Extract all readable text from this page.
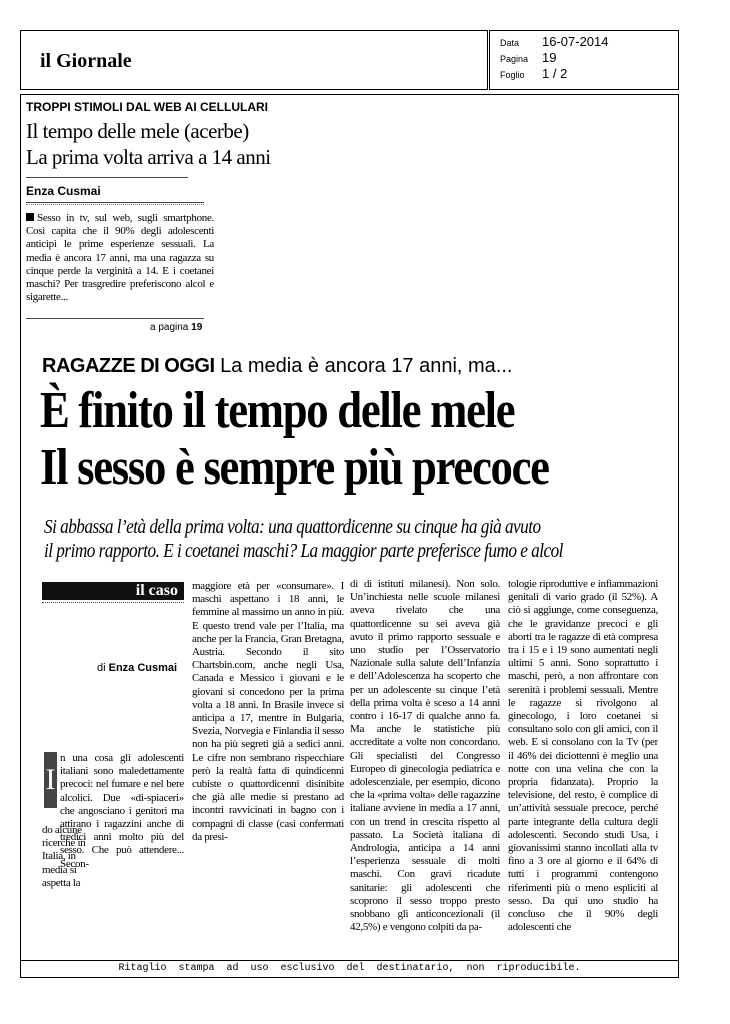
il Giornale
Data 16-07-2014
Pagina 19
Foglio 1 / 2
TROPPI STIMOLI DAL WEB AI CELLULARI
Il tempo delle mele (acerbe)
La prima volta arriva a 14 anni
Enza Cusmai
Sesso in tv, sul web, sugli smartphone. Così capita che il 90% degli adolescenti anticipi le prime esperienze sessuali. La media è ancora 17 anni, ma una ragazza su cinque perde la verginità a 14. E i coetanei maschi? Per trasgredire preferiscono alcol e sigarette...
a pagina 19
RAGAZZE DI OGGI La media è ancora 17 anni, ma...
È finito il tempo delle mele
Il sesso è sempre più precoce
Si abbassa l’età della prima volta: una quattordicenne su cinque ha già avuto
il primo rapporto. E i coetanei maschi? La maggior parte preferisce fumo e alcol
il caso
di Enza Cusmai
I

n una cosa gli adolescenti italiani sono maledettamente precoci: nel fumare e nel bere alcolici. Due «di-spiaceri» che angosciano i genitori ma attirano i ragazzini anche di tredici anni molto più del sesso. Che può attendere... Secon-

do alcune ricerche in Italia, in media si aspetta la

maggiore età per «consumare». I maschi aspettano i 18 anni, le femmine al massimo un anno in più. E questo trend vale per l’Italia, ma anche per la Francia, Gran Bretagna, Austria. Secondo il sito Chartsbin.com, anche negli Usa, Canada e Messico i giovani e le giovani si concedono per la prima volta a 18 anni. In Brasile invece si anticipa a 17, mentre in Bulgaria, Svezia, Norvegia e Finlandia il sesso non ha più segreti già a sedici anni. Le cifre non sembrano rispecchiare però la realtà fatta di quindicenni cubiste o quattordicenni disinibite che già alle medie si prestano ad incontri ravvicinati in bagno con i compagni di classe (casi confermati da presi-

di di istituti milanesi). Non solo. Un’inchiesta nelle scuole milanesi aveva rivelato che una quattordicenne su sei aveva già avuto il primo rapporto sessuale e uno studio per l’Osservatorio Nazionale sulla salute dell’Infanzia e dell’Adolescenza ha scoperto che per un adolescente su cinque l’età della prima volta è sceso a 14 anni contro i 16-17 di qualche anno fa. Ma anche le statistiche più accreditate a volte non concordano. Gli specialisti del Congresso Europeo di ginecologia pediatrica e adolescenziale, per esempio, dicono che la «prima volta» delle ragazzine italiane avviene in media a 17 anni, con un trend in crescita rispetto al passato. La Società italiana di Andrologia, anticipa a 14 anni l’esperienza sessuale di molti maschi. Con gravi ricadute sanitarie: gli adolescenti che scoprono il sesso troppo presto snobbano gli anticoncezionali (il 42,5%) e vengono colpiti da pa-

tologie riproduttive e infiammazioni genitali di vario grado (il 52%). A ciò si aggiunge, come conseguenza, che le gravidanze precoci e gli aborti tra le ragazze di età compresa tra i 15 e i 19 sono aumentati negli ultimi 5 anni. Sono soprattutto i maschi, però, a non affrontare con serenità i problemi sessuali. Mentre le ragazze si rivolgono al ginecologo, i loro coetanei si consultano solo con gli amici, con il web. E si consolano con la Tv (per il 46% dei diciottenni è meglio una notte con una velina che con la propria fidanzata). Proprio la televisione, del resto, è complice di un’attività sessuale precoce, perché parte integrante della cultura degli adolescenti. Secondo studi Usa, i giovanissimi stanno incollati alla tv fino a 3 ore al giorno e il 64% di tutti i programmi contengono riferimenti più o meno espliciti al sesso. Da qui uno studio ha concluso che il 90% degli adolescenti che

Ritaglio stampa ad uso esclusivo del destinatario, non riproducibile.
